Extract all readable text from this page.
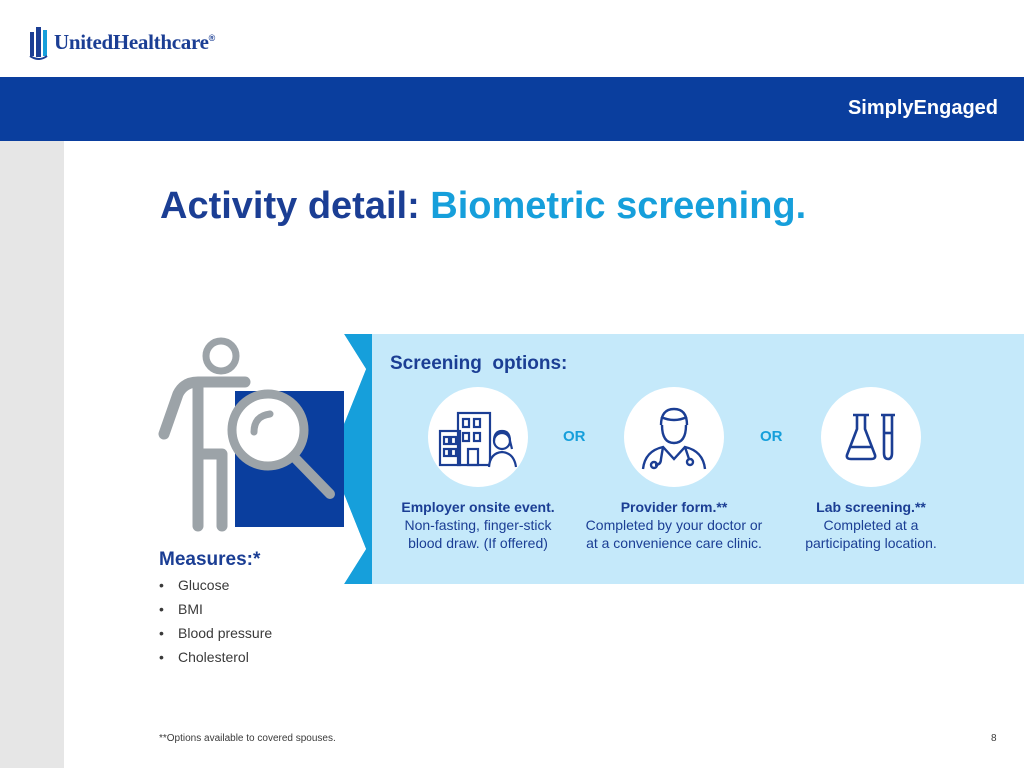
UnitedHealthcare®
SimplyEngaged
Activity detail: Biometric screening.
Screening  options:
OR	OR
Employer onsite event.
Non-fasting, finger-stick
blood draw. (If offered)
Provider form.**
Completed by your doctor or
at a convenience care clinic.
Lab screening.**
Completed at a
participating location.
Measures:*
•	Glucose
•	BMI
•	Blood pressure
•	Cholesterol
**Options available to covered spouses.	8
